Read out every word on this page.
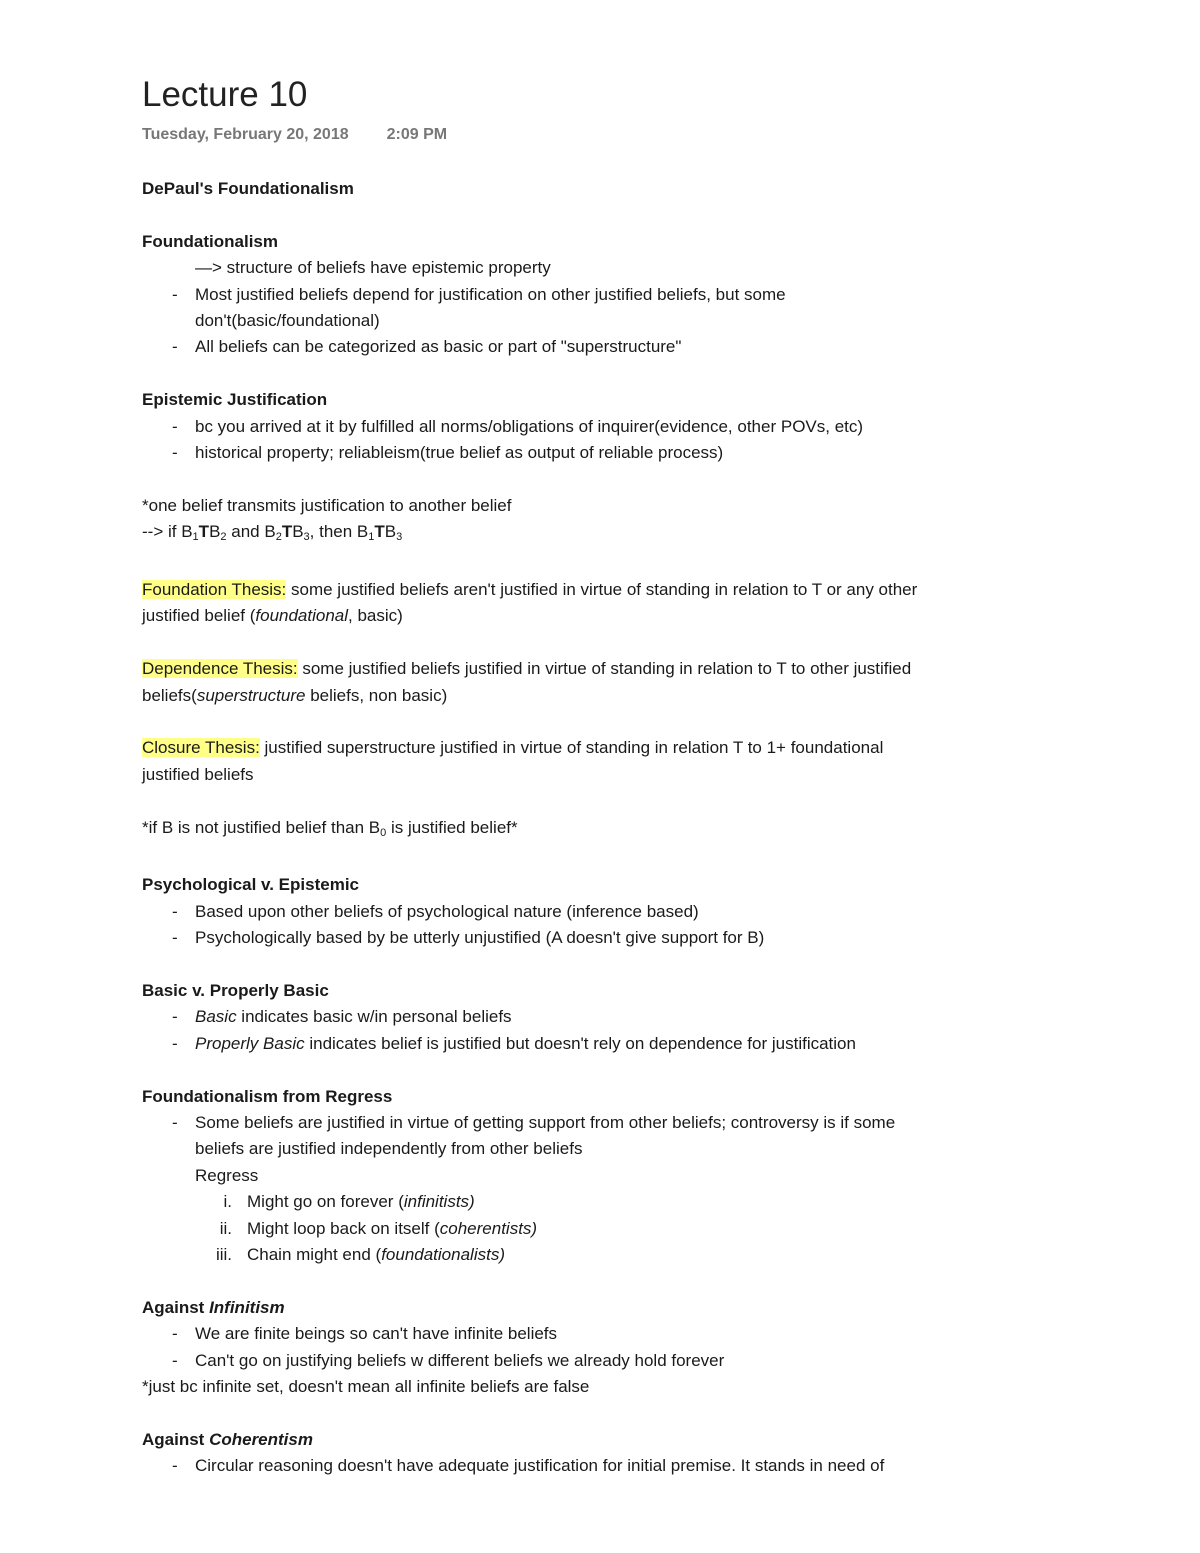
Lecture 10
Tuesday, February 20, 2018 2:09 PM
DePaul's Foundationalism
Foundationalism
—> structure of beliefs have epistemic property
- Most justified beliefs depend for justification on other justified beliefs, but some
don't(basic/foundational)
- All beliefs can be categorized as basic or part of "superstructure"
Epistemic Justification
- bc you arrived at it by fulfilled all norms/obligations of inquirer(evidence, other POVs, etc)
- historical property; reliableism(true belief as output of reliable process)
*one belief transmits justification to another belief
--> if $B_1TB_2$ and $B_2TB_3$, then $B_1TB_3$
Foundation Thesis: some justified beliefs aren't justified in virtue of standing in relation to T or any other
justified belief (foundational, basic)
Dependence Thesis: some justified beliefs justified in virtue of standing in relation to T to other justified
beliefs(superstructure beliefs, non basic)
Closure Thesis: justified superstructure justified in virtue of standing in relation T to 1+ foundational
justified beliefs
*if B is not justified belief than $B_0$ is justified belief*
Psychological v. Epistemic
- Based upon other beliefs of psychological nature (inference based)
- Psychologically based by be utterly unjustified (A doesn't give support for B)
Basic v. Properly Basic
- Basic indicates basic w/in personal beliefs
- Properly Basic indicates belief is justified but doesn't rely on dependence for justification
Foundationalism from Regress
- Some beliefs are justified in virtue of getting support from other beliefs; controversy is if some
beliefs are justified independently from other beliefs
Regress
i. Might go on forever (infinitists)
ii. Might loop back on itself (coherentists)
iii. Chain might end (foundationalists)
Against Infinitism
- We are finite beings so can't have infinite beliefs
- Can't go on justifying beliefs w different beliefs we already hold forever
*just bc infinite set, doesn't mean all infinite beliefs are false
Against Coherentism
- Circular reasoning doesn't have adequate justification for initial premise. It stands in need of
